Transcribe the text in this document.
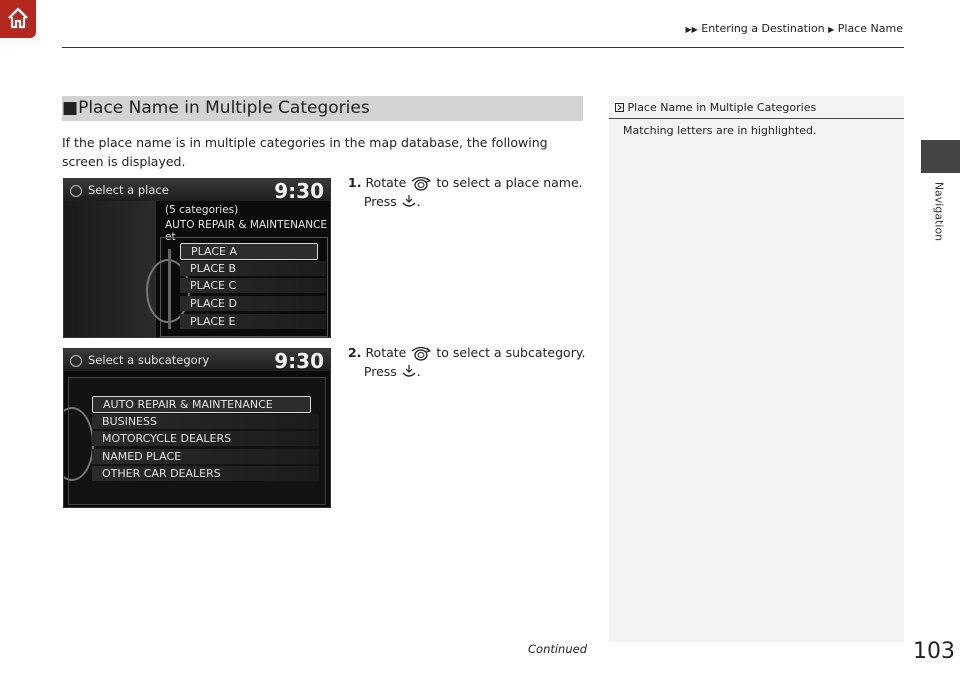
▶▶ Entering a Destination ▶ Place Name
Navigation
■Place Name in Multiple Categories
If the place name is in multiple categories in the map database, the following screen is displayed.
1. Rotate to select a place name.
Press .
Select a place	9:30
(5 categories)
AUTO REPAIR & MAINTENANCE et
PLACE A
PLACE B
PLACE C
PLACE D
PLACE E
2. Rotate to select a subcategory.
Press .
Select a subcategory	9:30
AUTO REPAIR & MAINTENANCE
BUSINESS
MOTORCYCLE DEALERS
NAMED PLACE
OTHER CAR DEALERS
Place Name in Multiple Categories
Matching letters are in highlighted.
Continued	103
